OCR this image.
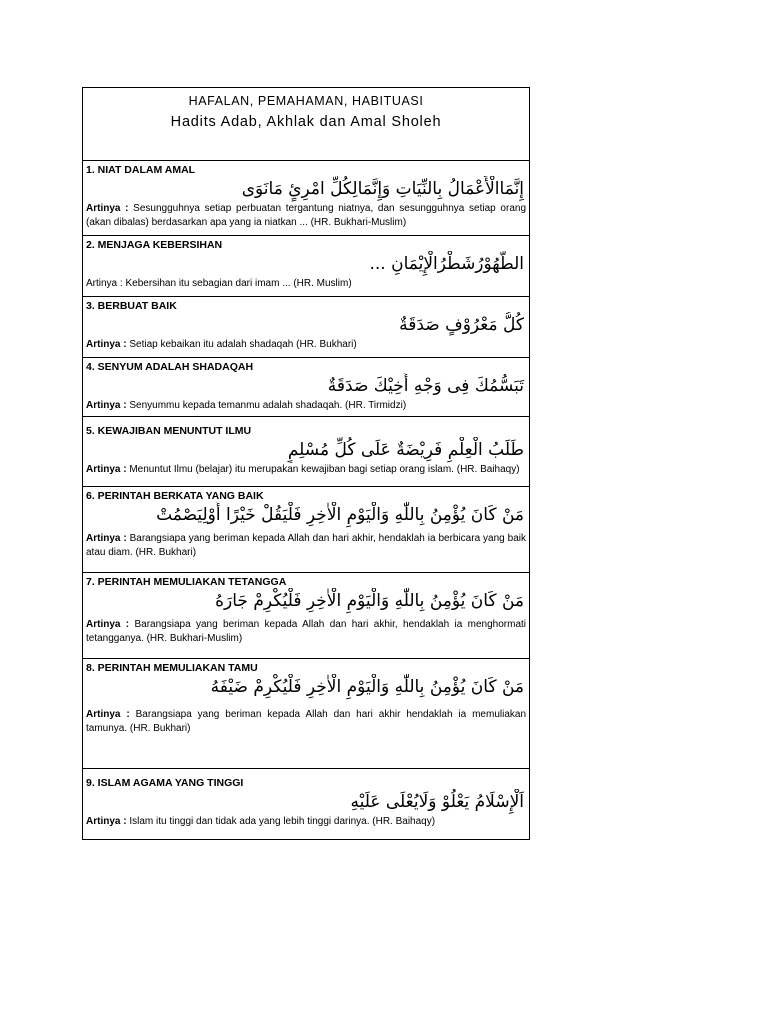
HAFALAN, PEMAHAMAN, HABITUASI
Hadits Adab, Akhlak dan Amal Sholeh
1. NIAT DALAM AMAL
إِنَّمَاالْأَعْمَالُ بِالنِّيَاتِ وَإِنَّمَالِكُلِّ امْرِئٍ مَانَوَى
Artinya : Sesungguhnya setiap perbuatan tergantung niatnya, dan sesungguhnya setiap orang (akan dibalas) berdasarkan apa yang ia niatkan ... (HR. Bukhari-Muslim)
2. MENJAGA KEBERSIHAN
الطُّهُوْرُشَطْرُالْإِيْمَانِ ...
Artinya : Kebersihan itu sebagian dari imam ... (HR. Muslim)
3. BERBUAT BAIK
كُلُّ مَعْرُوْفٍ صَدَقَةٌ
Artinya : Setiap kebaikan itu adalah shadaqah (HR. Bukhari)
4. SENYUM ADALAH SHADAQAH
تَبَسُّمُكَ فِى وَجْهِ أَخِيْكَ صَدَقَةٌ
Artinya : Senyummu kepada temanmu adalah shadaqah. (HR. Tirmidzi)
5. KEWAJIBAN MENUNTUT ILMU
طَلَبُ الْعِلْمِ فَرِيْضَةٌ عَلَى كُلِّ مُسْلِمٍ
Artinya : Menuntut Ilmu (belajar) itu merupakan kewajiban bagi setiap orang islam. (HR. Baihaqy)
6. PERINTAH BERKATA YANG BAIK
مَنْ كَانَ يُؤْمِنُ بِاللّٰهِ وَالْيَوْمِ الْاٰخِرِ فَلْيَقُلْ خَيْرًا أَوْلِيَصْمُتْ
Artinya : Barangsiapa yang beriman kepada Allah dan hari akhir, hendaklah ia berbicara yang baik atau diam. (HR. Bukhari)
7. PERINTAH MEMULIAKAN TETANGGA
مَنْ كَانَ يُؤْمِنُ بِاللّٰهِ وَالْيَوْمِ الْاٰخِرِ فَلْيُكْرِمْ جَارَهُ
Artinya : Barangsiapa yang beriman kepada Allah dan hari akhir, hendaklah ia menghormati tetangganya. (HR. Bukhari-Muslim)
8. PERINTAH MEMULIAKAN TAMU
مَنْ كَانَ يُؤْمِنُ بِاللّٰهِ وَالْيَوْمِ الْاٰخِرِ فَلْيُكْرِمْ ضَيْفَهُ
Artinya : Barangsiapa yang beriman kepada Allah dan hari akhir hendaklah ia memuliakan tamunya. (HR. Bukhari)
9. ISLAM AGAMA YANG TINGGI
اَلْإِسْلَامُ يَعْلُوْ وَلَايُعْلَى عَلَيْهِ
Artinya : Islam itu tinggi dan tidak ada yang lebih tinggi darinya. (HR. Baihaqy)
